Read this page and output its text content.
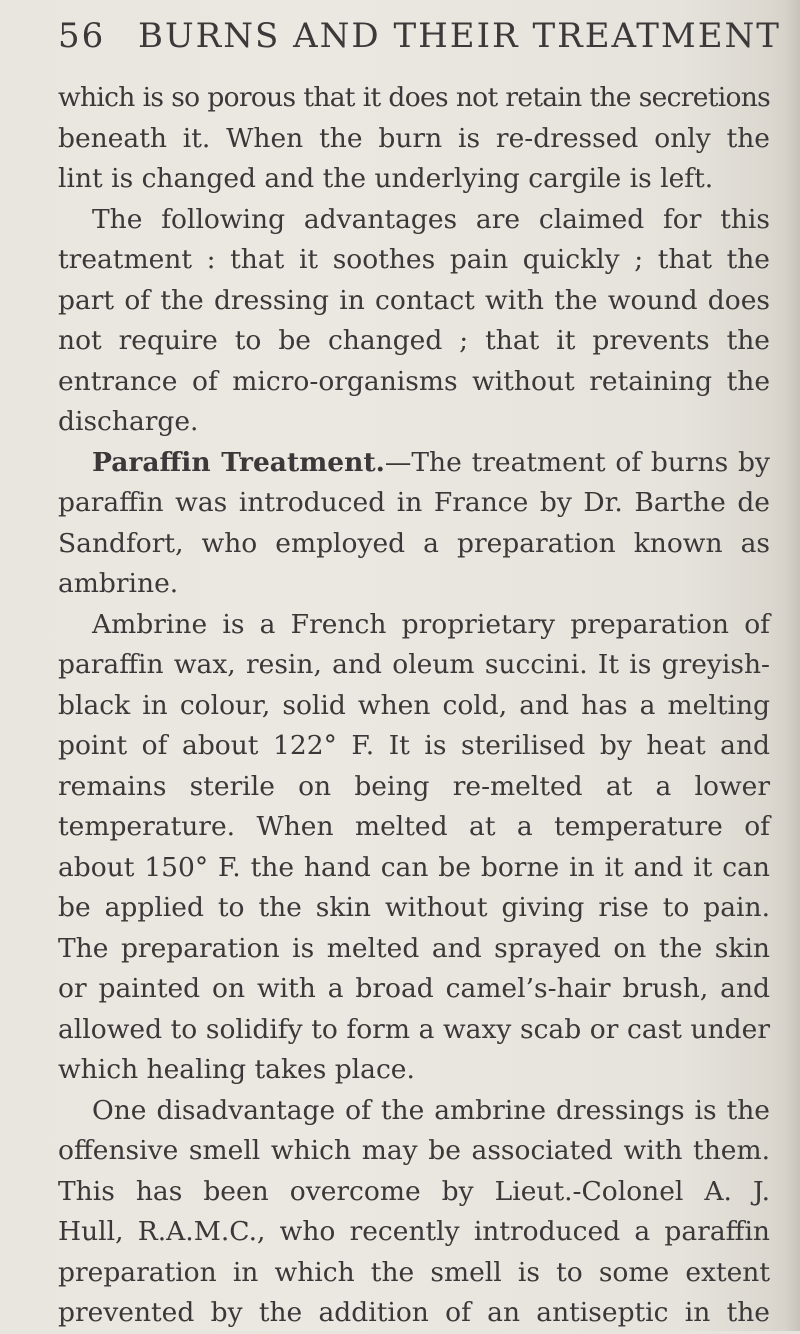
56 BURNS AND THEIR TREATMENT
which is so porous that it does not retain the secretions
beneath it. When the burn is re-dressed only the
lint is changed and the underlying cargile is left.
The following advantages are claimed for this
treatment : that it soothes pain quickly ; that the
part of the dressing in contact with the wound does
not require to be changed ; that it prevents the
entrance of micro-organisms without retaining the
discharge.
Paraffin Treatment.—The treatment of burns by
paraffin was introduced in France by Dr. Barthe de
Sandfort, who employed a preparation known as
ambrine.
Ambrine is a French proprietary preparation of
paraffin wax, resin, and oleum succini. It is greyish-
black in colour, solid when cold, and has a melting
point of about 122° F. It is sterilised by heat and
remains sterile on being re-melted at a lower
temperature. When melted at a temperature of
about 150° F. the hand can be borne in it and it can
be applied to the skin without giving rise to pain.
The preparation is melted and sprayed on the skin
or painted on with a broad camel’s-hair brush, and
allowed to solidify to form a waxy scab or cast under
which healing takes place.
One disadvantage of the ambrine dressings is the
offensive smell which may be associated with them.
This has been overcome by Lieut.-Colonel A. J.
Hull, R.A.M.C., who recently introduced a paraffin
preparation in which the smell is to some extent
prevented by the addition of an antiseptic in the
